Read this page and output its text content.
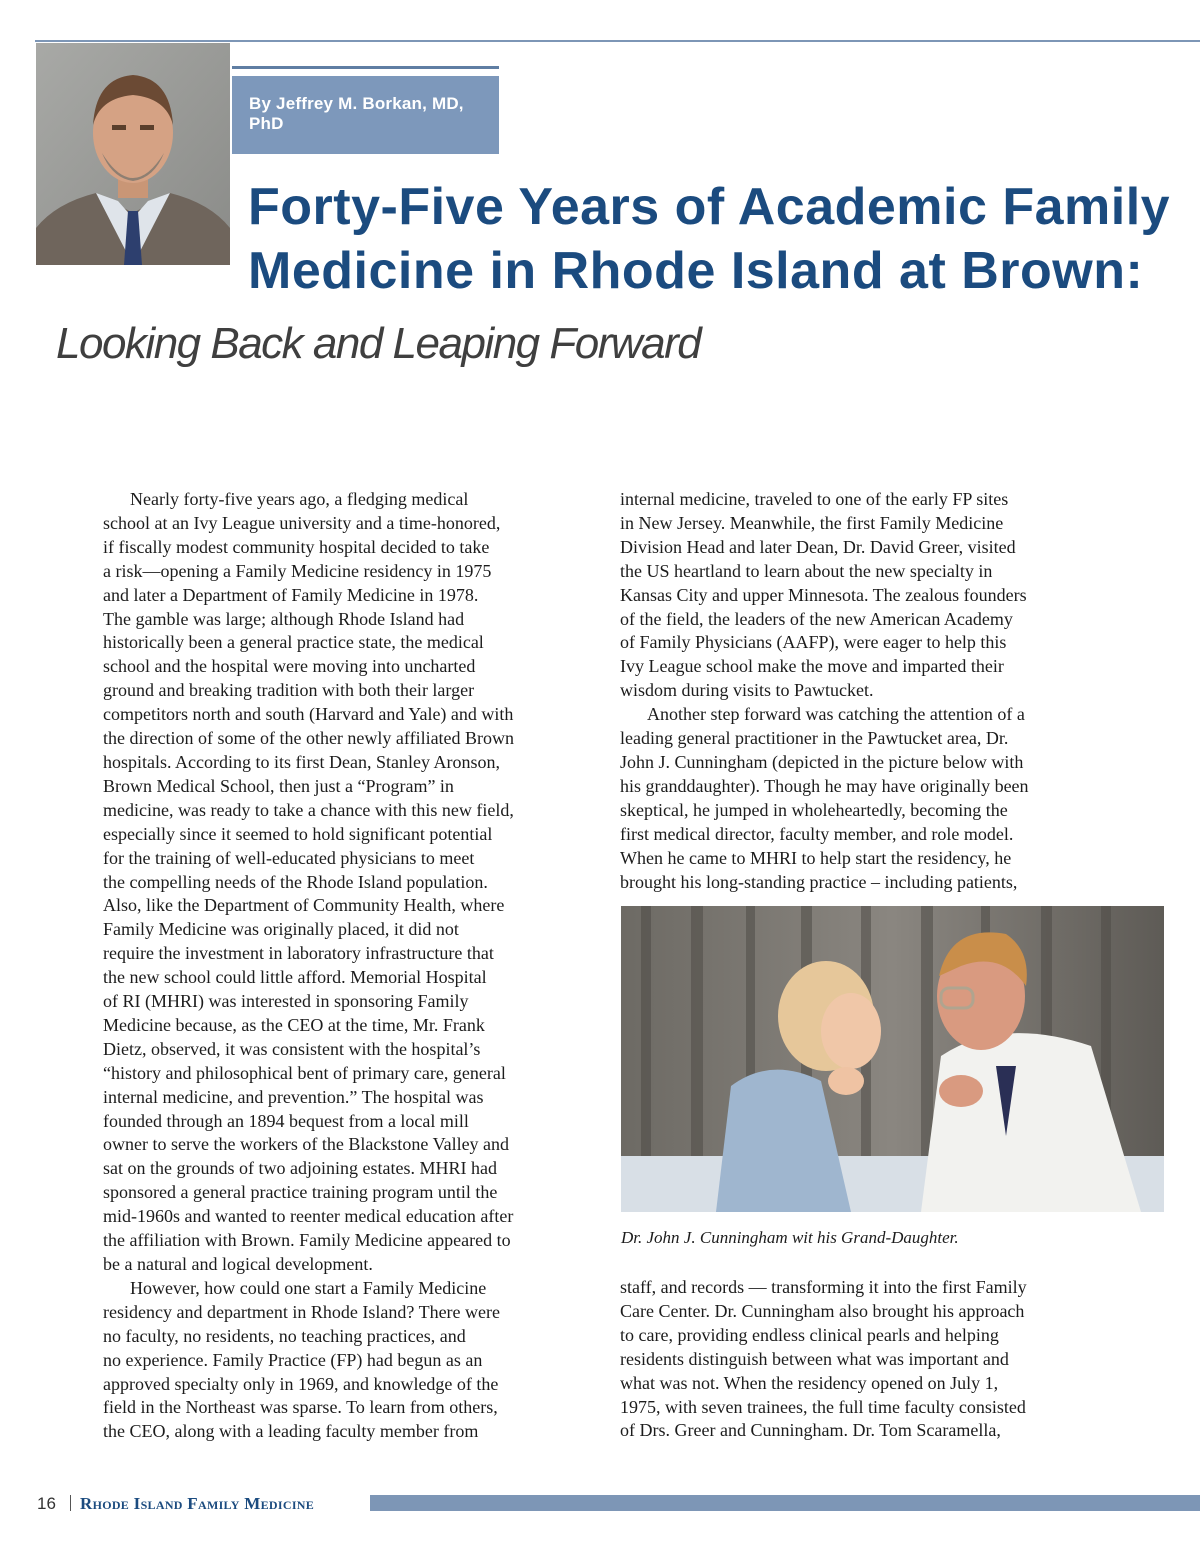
By Jeffrey M. Borkan, MD, PhD
Forty-Five Years of Academic Family
Medicine in Rhode Island at Brown:
Looking Back and Leaping Forward

Nearly forty-five years ago, a fledging medical

school at an Ivy League university and a time-honored,

if fiscally modest community hospital decided to take

a risk—opening a Family Medicine residency in 1975

and later a Department of Family Medicine in 1978.

The gamble was large; although Rhode Island had

historically been a general practice state, the medical

school and the hospital were moving into uncharted

ground and breaking tradition with both their larger

competitors north and south (Harvard and Yale) and with

the direction of some of the other newly affiliated Brown

hospitals. According to its first Dean, Stanley Aronson,

Brown Medical School, then just a “Program” in

medicine, was ready to take a chance with this new field,

especially since it seemed to hold significant potential

for the training of well-educated physicians to meet

the compelling needs of the Rhode Island population.

Also, like the Department of Community Health, where

Family Medicine was originally placed, it did not

require the investment in laboratory infrastructure that

the new school could little afford. Memorial Hospital

of RI (MHRI) was interested in sponsoring Family

Medicine because, as the CEO at the time, Mr. Frank

Dietz, observed, it was consistent with the hospital’s

“history and philosophical bent of primary care, general

internal medicine, and prevention.” The hospital was

founded through an 1894 bequest from a local mill

owner to serve the workers of the Blackstone Valley and

sat on the grounds of two adjoining estates. MHRI had

sponsored a general practice training program until the

mid-1960s and wanted to reenter medical education after

the affiliation with Brown. Family Medicine appeared to

be a natural and logical development.

However, how could one start a Family Medicine

residency and department in Rhode Island? There were

no faculty, no residents, no teaching practices, and

no experience. Family Practice (FP) had begun as an

approved specialty only in 1969, and knowledge of the

field in the Northeast was sparse. To learn from others,

the CEO, along with a leading faculty member from

internal medicine, traveled to one of the early FP sites

in New Jersey. Meanwhile, the first Family Medicine

Division Head and later Dean, Dr. David Greer, visited

the US heartland to learn about the new specialty in

Kansas City and upper Minnesota. The zealous founders

of the field, the leaders of the new American Academy

of Family Physicians (AAFP), were eager to help this

Ivy League school make the move and imparted their

wisdom during visits to Pawtucket.

Another step forward was catching the attention of a

leading general practitioner in the Pawtucket area, Dr.

John J. Cunningham (depicted in the picture below with

his granddaughter). Though he may have originally been

skeptical, he jumped in wholeheartedly, becoming the

first medical director, faculty member, and role model.

When he came to MHRI to help start the residency, he

brought his long-standing practice – including patients,

Dr. John J. Cunningham wit his Grand-Daughter.

staff, and records — transforming it into the first Family

Care Center. Dr. Cunningham also brought his approach

to care, providing endless clinical pearls and helping

residents distinguish between what was important and

what was not. When the residency opened on July 1,

1975, with seven trainees, the full time faculty consisted

of Drs. Greer and Cunningham. Dr. Tom Scaramella,

16 Rhode Island Family Medicine
